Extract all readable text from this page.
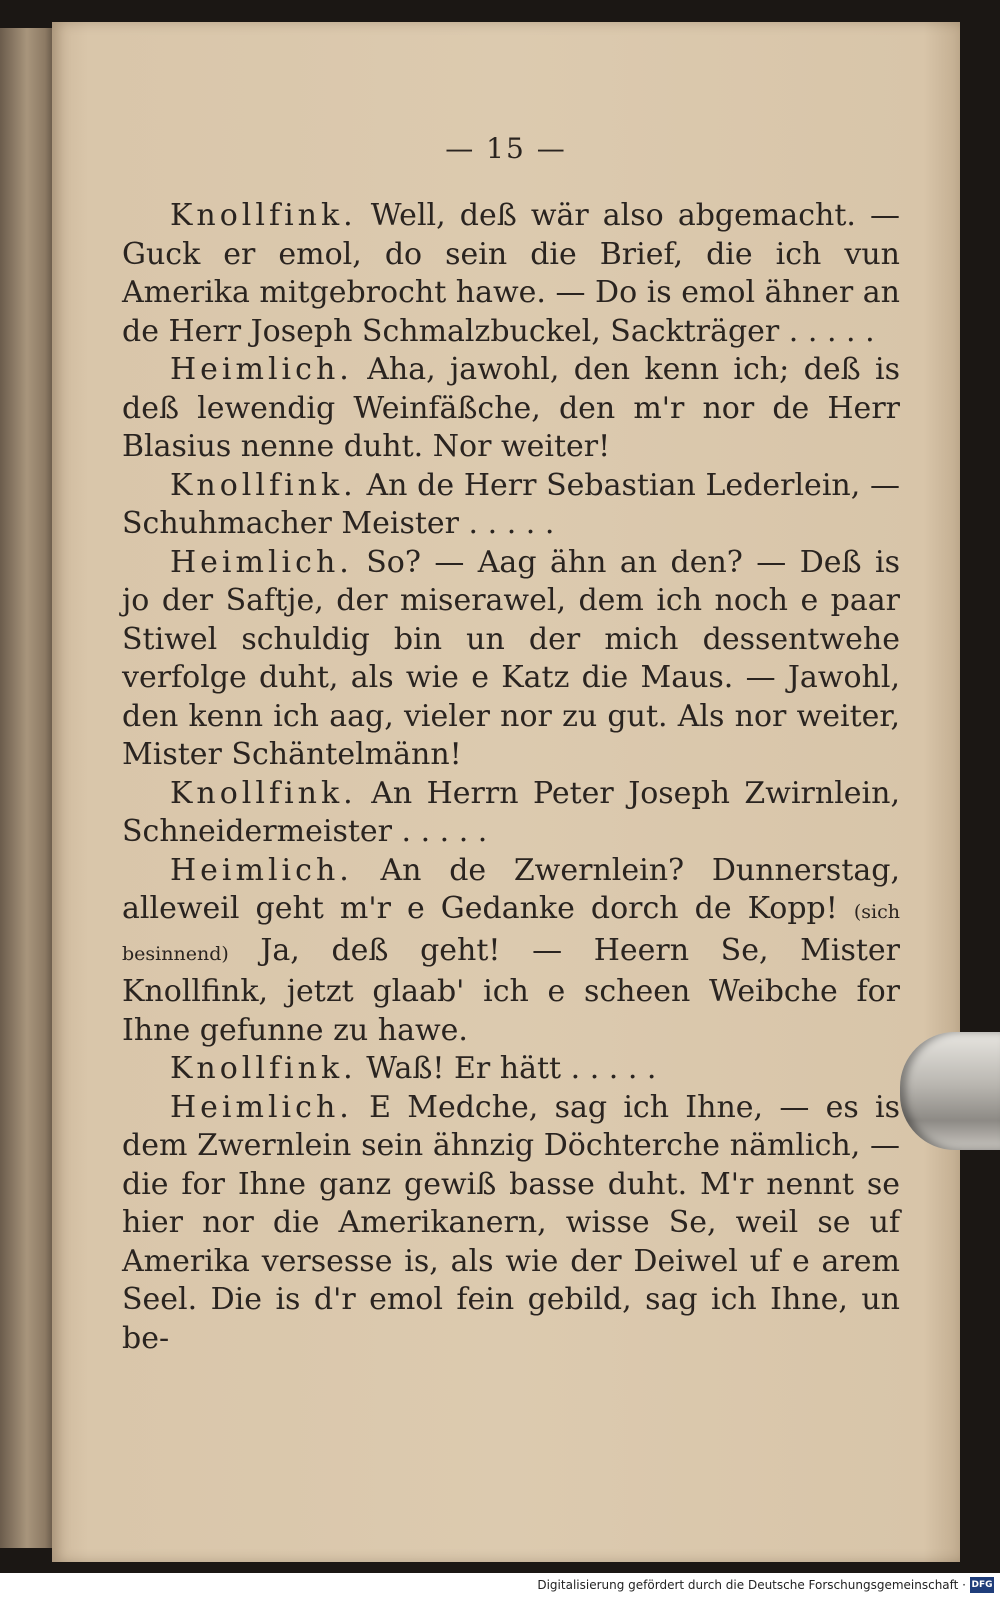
— 15 —

Knollfink. Well, deß wär also abgemacht. — Guck er emol, do sein die Brief, die ich vun Amerika mitgebrocht hawe. — Do is emol ähner an de Herr Joseph Schmalzbuckel, Sackträger . . . . .

Heimlich. Aha, jawohl, den kenn ich; deß is deß lewendig Weinfäßche, den m'r nor de Herr Blasius nenne duht. Nor weiter!

Knollfink. An de Herr Sebastian Lederlein, — Schuhmacher Meister . . . . .

Heimlich. So? — Aag ähn an den? — Deß is jo der Saftje, der miserawel, dem ich noch e paar Stiwel schuldig bin un der mich dessentwehe verfolge duht, als wie e Katz die Maus. — Jawohl, den kenn ich aag, vieler nor zu gut. Als nor weiter, Mister Schäntelmänn!

Knollfink. An Herrn Peter Joseph Zwirnlein, Schneidermeister . . . . .

Heimlich. An de Zwernlein? Dunnerstag, alleweil geht m'r e Gedanke dorch de Kopp! (sich besinnend) Ja, deß geht! — Heern Se, Mister Knollfink, jetzt glaab' ich e scheen Weibche for Ihne gefunne zu hawe.

Knollfink. Waß! Er hätt . . . . .

Heimlich. E Medche, sag ich Ihne, — es is dem Zwernlein sein ähnzig Döchterche nämlich, — die for Ihne ganz gewiß basse duht. M'r nennt se hier nor die Amerikanern, wisse Se, weil se uf Amerika versesse is, als wie der Deiwel uf e arem Seel. Die is d'r emol fein gebild, sag ich Ihne, un be-

Digitalisierung gefördert durch die Deutsche Forschungsgemeinschaft · DFG
